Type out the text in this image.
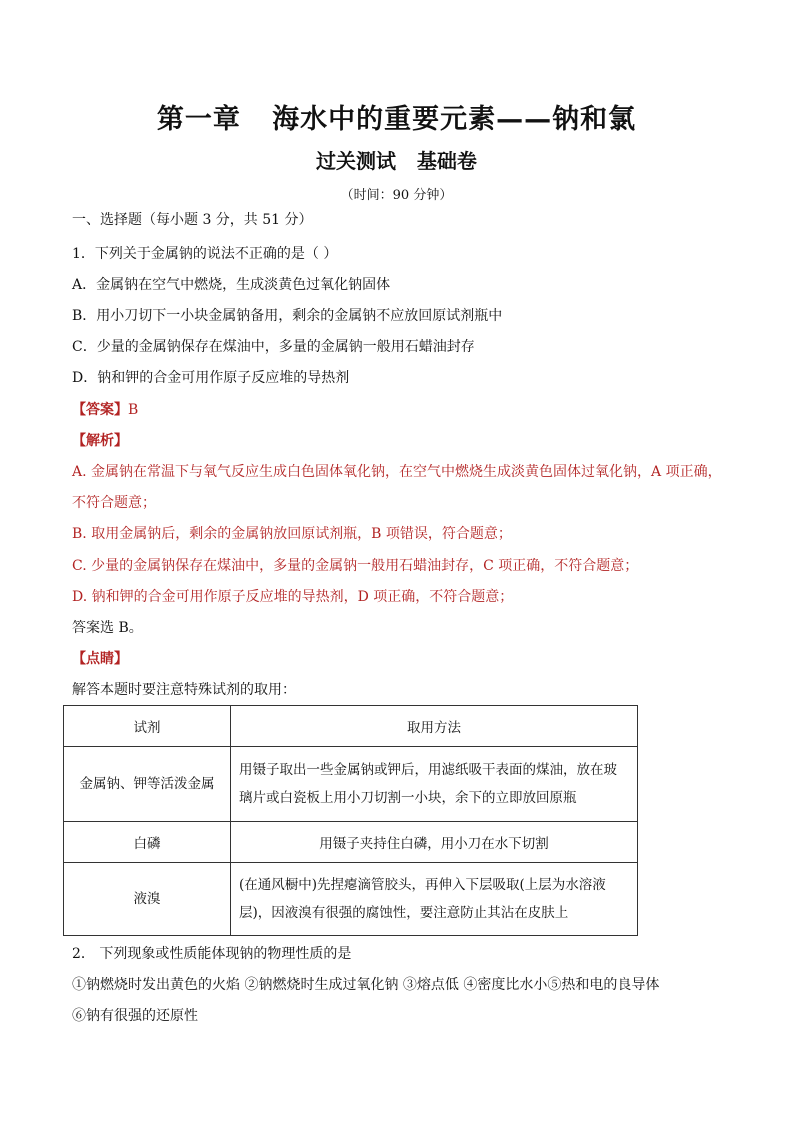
第一章   海水中的重要元素——钠和氯
过关测试   基础卷
（时间：90 分钟）
一、选择题（每小题 3 分，共 51 分）
1．下列关于金属钠的说法不正确的是（ ）
A．金属钠在空气中燃烧，生成淡黄色过氧化钠固体
B．用小刀切下一小块金属钠备用，剩余的金属钠不应放回原试剂瓶中
C．少量的金属钠保存在煤油中，多量的金属钠一般用石蜡油封存
D．钠和钾的合金可用作原子反应堆的导热剂
【答案】B
【解析】
A. 金属钠在常温下与氧气反应生成白色固体氧化钠，在空气中燃烧生成淡黄色固体过氧化钠，A 项正确，
不符合题意；
B. 取用金属钠后，剩余的金属钠放回原试剂瓶，B 项错误，符合题意；
C. 少量的金属钠保存在煤油中，多量的金属钠一般用石蜡油封存，C 项正确，不符合题意；
D. 钠和钾的合金可用作原子反应堆的导热剂，D 项正确，不符合题意；
答案选 B。
【点睛】
解答本题时要注意特殊试剂的取用：
试剂	取用方法
金属钠、钾等活泼金属	用镊子取出一些金属钠或钾后，用滤纸吸干表面的煤油，放在玻
璃片或白瓷板上用小刀切割一小块，余下的立即放回原瓶

白磷	用镊子夹持住白磷，用小刀在水下切割
液溴	(在通风橱中)先捏瘪滴管胶头，再伸入下层吸取(上层为水溶液
层)，因液溴有很强的腐蚀性，要注意防止其沾在皮肤上
2． 下列现象或性质能体现钠的物理性质的是
①钠燃烧时发出黄色的火焰 ②钠燃烧时生成过氧化钠 ③熔点低 ④密度比水小⑤热和电的良导体
⑥钠有很强的还原性
